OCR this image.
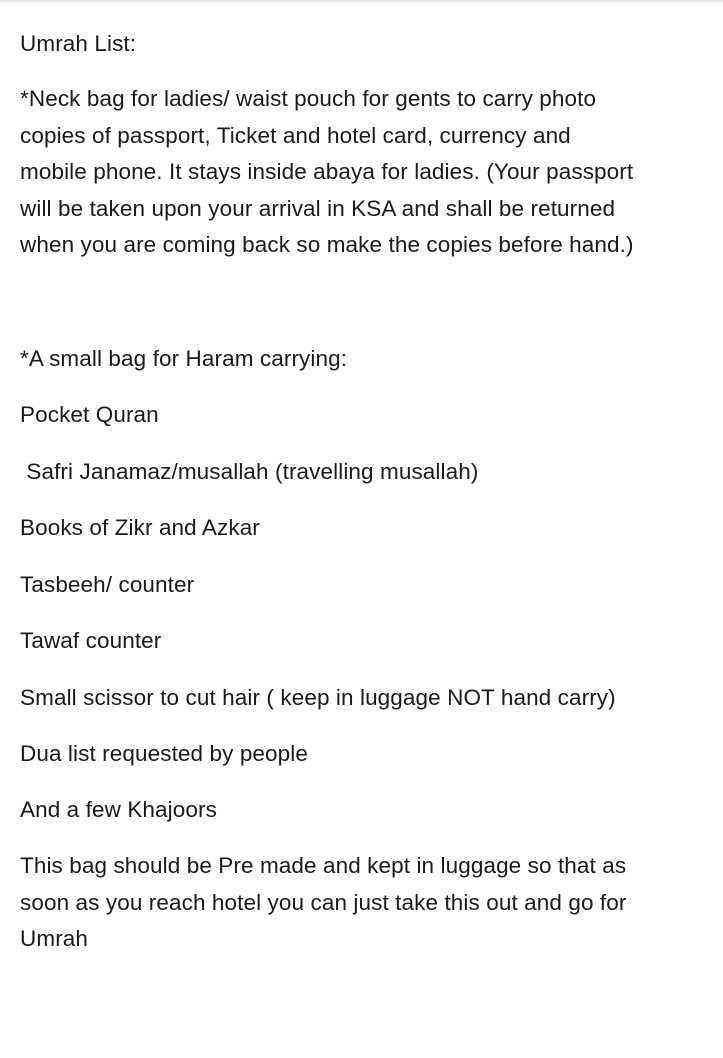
Umrah List:
*Neck bag for ladies/ waist pouch for gents to carry photo
copies of passport, Ticket and hotel card, currency and
mobile phone. It stays inside abaya for ladies. (Your passport
will be taken upon your arrival in KSA and shall be returned
when you are coming back so make the copies before hand.)
*A small bag for Haram carrying:
Pocket Quran
Safri Janamaz/musallah (travelling musallah)
Books of Zikr and Azkar
Tasbeeh/ counter
Tawaf counter
Small scissor to cut hair ( keep in luggage NOT hand carry)
Dua list requested by people
And a few Khajoors
This bag should be Pre made and kept in luggage so that as
soon as you reach hotel you can just take this out and go for
Umrah
